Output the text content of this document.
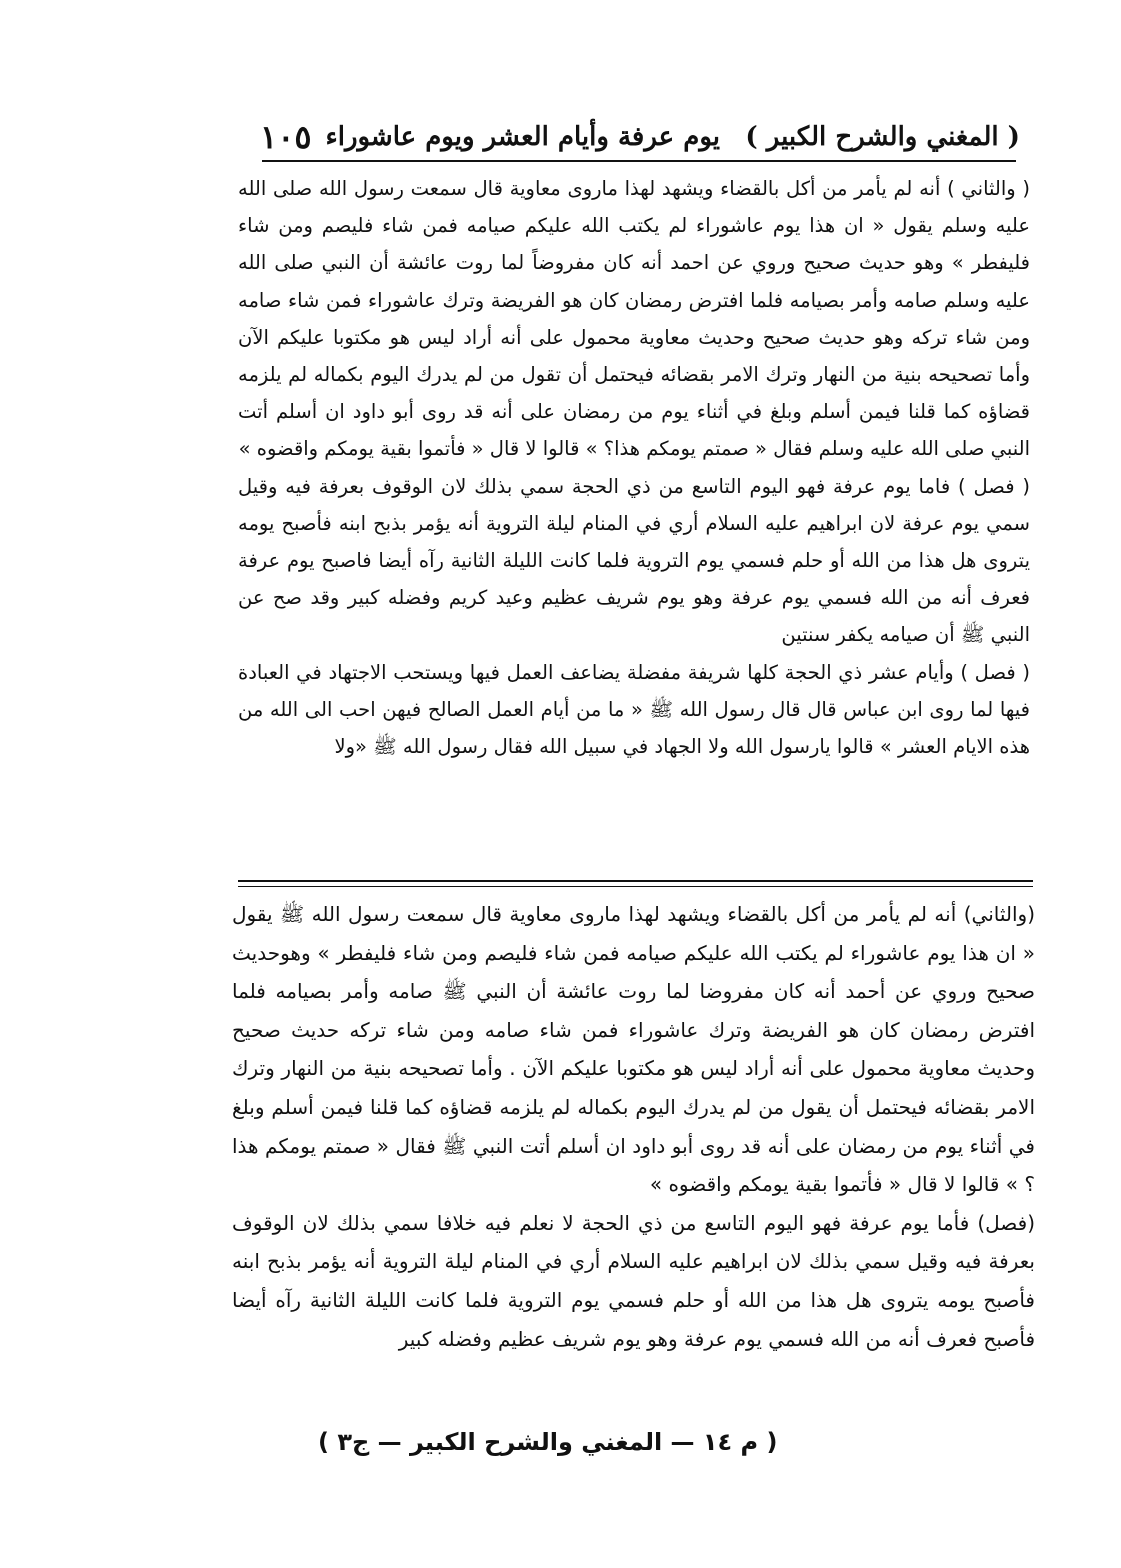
( المغني والشرح الكبير )
يوم عرفة وأيام العشر ويوم عاشوراء
١٠٥

( والثاني ) أنه لم يأمر من أكل بالقضاء ويشهد لهذا ماروى معاوية قال سمعت رسول الله صلى الله عليه وسلم يقول « ان هذا يوم عاشوراء لم يكتب الله عليكم صيامه فمن شاء فليصم ومن شاء فليفطر » وهو حديث صحيح وروي عن احمد أنه كان مفروضاً لما روت عائشة أن النبي صلى الله عليه وسلم صامه وأمر بصيامه فلما افترض رمضان كان هو الفريضة وترك عاشوراء فمن شاء صامه ومن شاء تركه وهو حديث صحيح وحديث معاوية محمول على أنه أراد ليس هو مكتوبا عليكم الآن وأما تصحيحه بنية من النهار وترك الامر بقضائه فيحتمل أن تقول من لم يدرك اليوم بكماله لم يلزمه قضاؤه كما قلنا فيمن أسلم وبلغ في أثناء يوم من رمضان على أنه قد روى أبو داود ان أسلم أتت النبي صلى الله عليه وسلم فقال « صمتم يومكم هذا؟ » قالوا لا قال « فأتموا بقية يومكم واقضوه »

( فصل ) فاما يوم عرفة فهو اليوم التاسع من ذي الحجة سمي بذلك لان الوقوف بعرفة فيه وقيل سمي يوم عرفة لان ابراهيم عليه السلام أري في المنام ليلة التروية أنه يؤمر بذبح ابنه فأصبح يومه يتروى هل هذا من الله أو حلم فسمي يوم التروية فلما كانت الليلة الثانية رآه أيضا فاصبح يوم عرفة فعرف أنه من الله فسمي يوم عرفة وهو يوم شريف عظيم وعيد كريم وفضله كبير وقد صح عن النبي ﷺ أن صيامه يكفر سنتين

( فصل ) وأيام عشر ذي الحجة كلها شريفة مفضلة يضاعف العمل فيها ويستحب الاجتهاد في العبادة فيها لما روى ابن عباس قال قال رسول الله ﷺ « ما من أيام العمل الصالح فيهن احب الى الله من هذه الايام العشر » قالوا يارسول الله ولا الجهاد في سبيل الله فقال رسول الله ﷺ «ولا

(والثاني) أنه لم يأمر من أكل بالقضاء ويشهد لهذا ماروى معاوية قال سمعت رسول الله ﷺ يقول « ان هذا يوم عاشوراء لم يكتب الله عليكم صيامه فمن شاء فليصم ومن شاء فليفطر » وهوحديث صحيح وروي عن أحمد أنه كان مفروضا لما روت عائشة أن النبي ﷺ صامه وأمر بصيامه فلما افترض رمضان كان هو الفريضة وترك عاشوراء فمن شاء صامه ومن شاء تركه حديث صحيح وحديث معاوية محمول على أنه أراد ليس هو مكتوبا عليكم الآن . وأما تصحيحه بنية من النهار وترك الامر بقضائه فيحتمل أن يقول من لم يدرك اليوم بكماله لم يلزمه قضاؤه كما قلنا فيمن أسلم وبلغ في أثناء يوم من رمضان على أنه قد روى أبو داود ان أسلم أتت النبي ﷺ فقال « صمتم يومكم هذا ؟ » قالوا لا قال « فأتموا بقية يومكم واقضوه »

(فصل) فأما يوم عرفة فهو اليوم التاسع من ذي الحجة لا نعلم فيه خلافا سمي بذلك لان الوقوف بعرفة فيه وقيل سمي بذلك لان ابراهيم عليه السلام أري في المنام ليلة التروية أنه يؤمر بذبح ابنه فأصبح يومه يتروى هل هذا من الله أو حلم فسمي يوم التروية فلما كانت الليلة الثانية رآه أيضا فأصبح فعرف أنه من الله فسمي يوم عرفة وهو يوم شريف عظيم وفضله كبير

( م ١٤ — المغني والشرح الكبير — ج٣ )
